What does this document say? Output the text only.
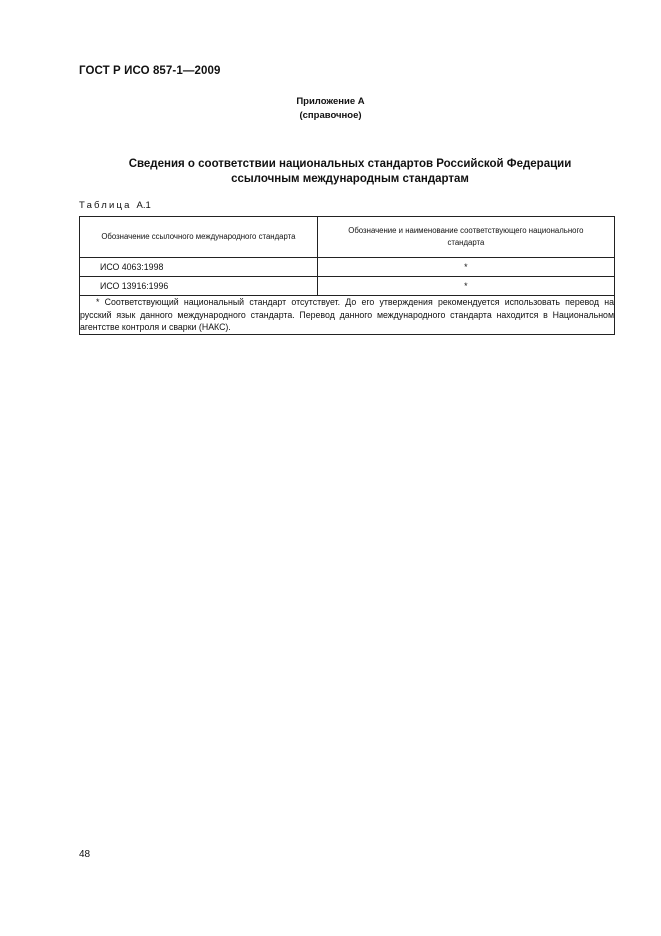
ГОСТ Р ИСО 857-1—2009
Приложение А
(справочное)
Сведения о соответствии национальных стандартов Российской Федерации
ссылочным международным стандартам
Таблица А.1
Обозначение ссылочного международного стандарта	Обозначение и наименование соответствующего национального стандарта
ИСО 4063:1998	*
ИСО 13916:1996	*
* Соответствующий национальный стандарт отсутствует. До его утверждения рекомендуется использовать перевод на русский язык данного международного стандарта. Перевод данного международного стандарта находится в Национальном агентстве контроля и сварки (НАКС).	
48
